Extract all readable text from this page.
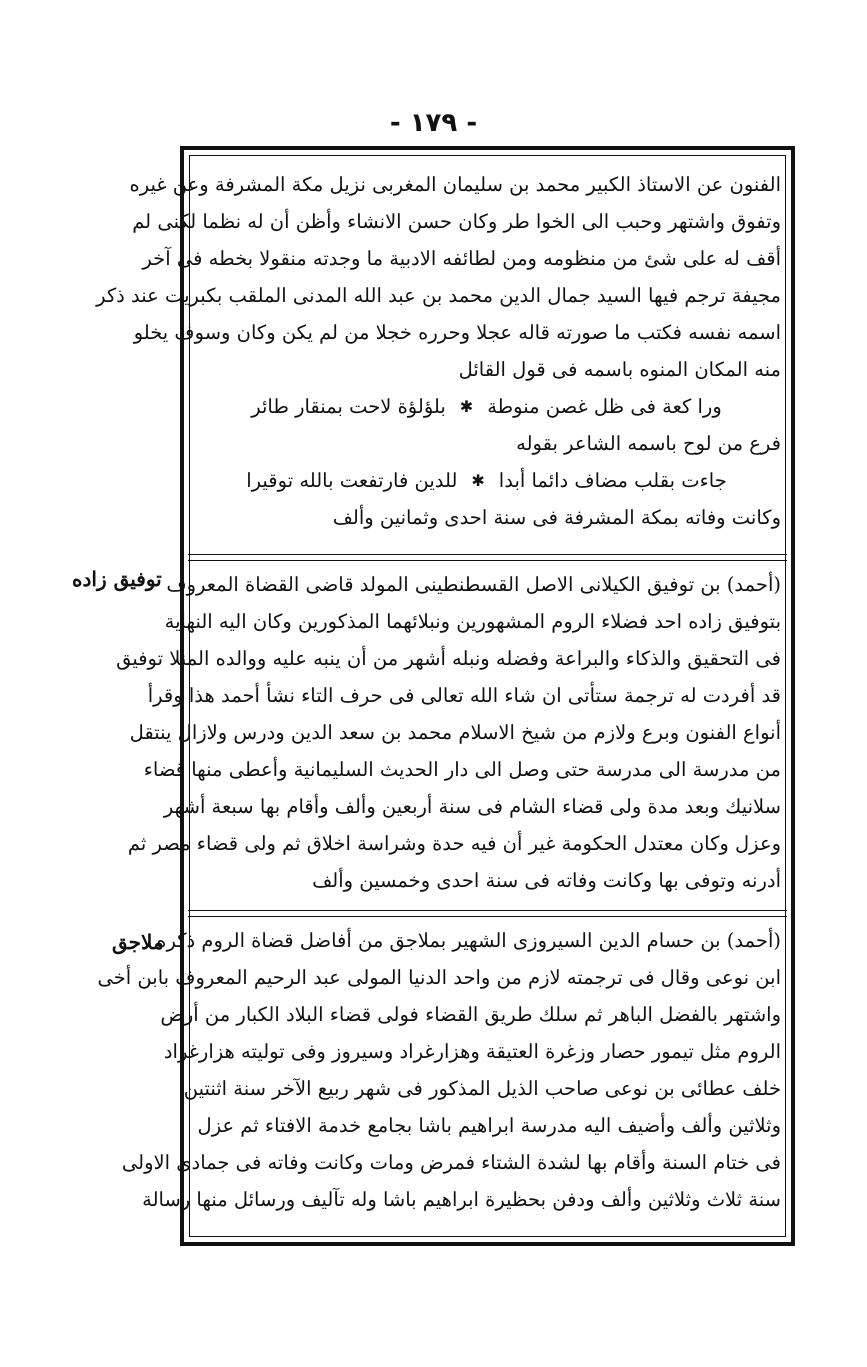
- ١٧٩ -
الفنون عن الاستاذ الكبير محمد بن سليمان المغربى نزيل مكة المشرفة وعن غيره
وتفوق واشتهر وحبب الى الخوا طر وكان حسن الانشاء وأظن أن له نظما لكنى لم
أقف له على شئ من منظومه ومن لطائفه الادبية ما وجدته منقولا بخطه فى آخر
مجيفة ترجم فيها السيد جمال الدين محمد بن عبد الله المدنى الملقب بكبريت عند ذكر
اسمه نفسه فكتب ما صورته قاله عجلا وحرره خجلا من لم يكن وكان وسوف يخلو
منه المكان المنوه باسمه فى قول القائل
ورا كعة فى ظل غصن منوطة
✱
بلؤلؤة لاحت بمنقار طائر
فرع من لوح باسمه الشاعر بقوله
جاءت بقلب مضاف دائما أبدا
✱
للدين فارتفعت بالله توقيرا
وكانت وفاته بمكة المشرفة فى سنة احدى وثمانين وألف
(أحمد) بن توفيق الكيلانى الاصل القسطنطينى المولد قاضى القضاة المعروف
بتوفيق زاده احد فضلاء الروم المشهورين ونبلائهما المذكورين وكان اليه النهاية
فى التحقيق والذكاء والبراعة وفضله ونبله أشهر من أن ينبه عليه ووالده المنلا توفيق
قد أفردت له ترجمة ستأتى ان شاء الله تعالى فى حرف التاء نشأ أحمد هذا وقرأ
أنواع الفنون وبرع ولازم من شيخ الاسلام محمد بن سعد الدين ودرس ولازال ينتقل
من مدرسة الى مدرسة حتى وصل الى دار الحديث السليمانية وأعطى منها قضاء
سلانيك وبعد مدة ولى قضاء الشام فى سنة أربعين وألف وأقام بها سبعة أشهر
وعزل وكان معتدل الحكومة غير أن فيه حدة وشراسة اخلاق ثم ولى قضاء مصر ثم
أدرنه وتوفى بها وكانت وفاته فى سنة احدى وخمسين وألف
(أحمد) بن حسام الدين السيروزى الشهير بملاجق من أفاضل قضاة الروم ذكره
ابن نوعى وقال فى ترجمته لازم من واحد الدنيا المولى عبد الرحيم المعروف بابن أخى
واشتهر بالفضل الباهر ثم سلك طريق القضاء فولى قضاء البلاد الكبار من أرض
الروم مثل تيمور حصار وزغرة العتيقة وهزارغراد وسيروز وفى توليته هزارغراد
خلف عطائى بن نوعى صاحب الذيل المذكور فى شهر ربيع الآخر سنة اثنتين
وثلاثين وألف وأضيف اليه مدرسة ابراهيم باشا بجامع خدمة الافتاء ثم عزل
فى ختام السنة وأقام بها لشدة الشتاء فمرض ومات وكانت وفاته فى جمادى الاولى
سنة ثلاث وثلاثين وألف ودفن بحظيرة ابراهيم باشا وله تآليف ورسائل منها رسالة
توفيق زاده
ملاجق
